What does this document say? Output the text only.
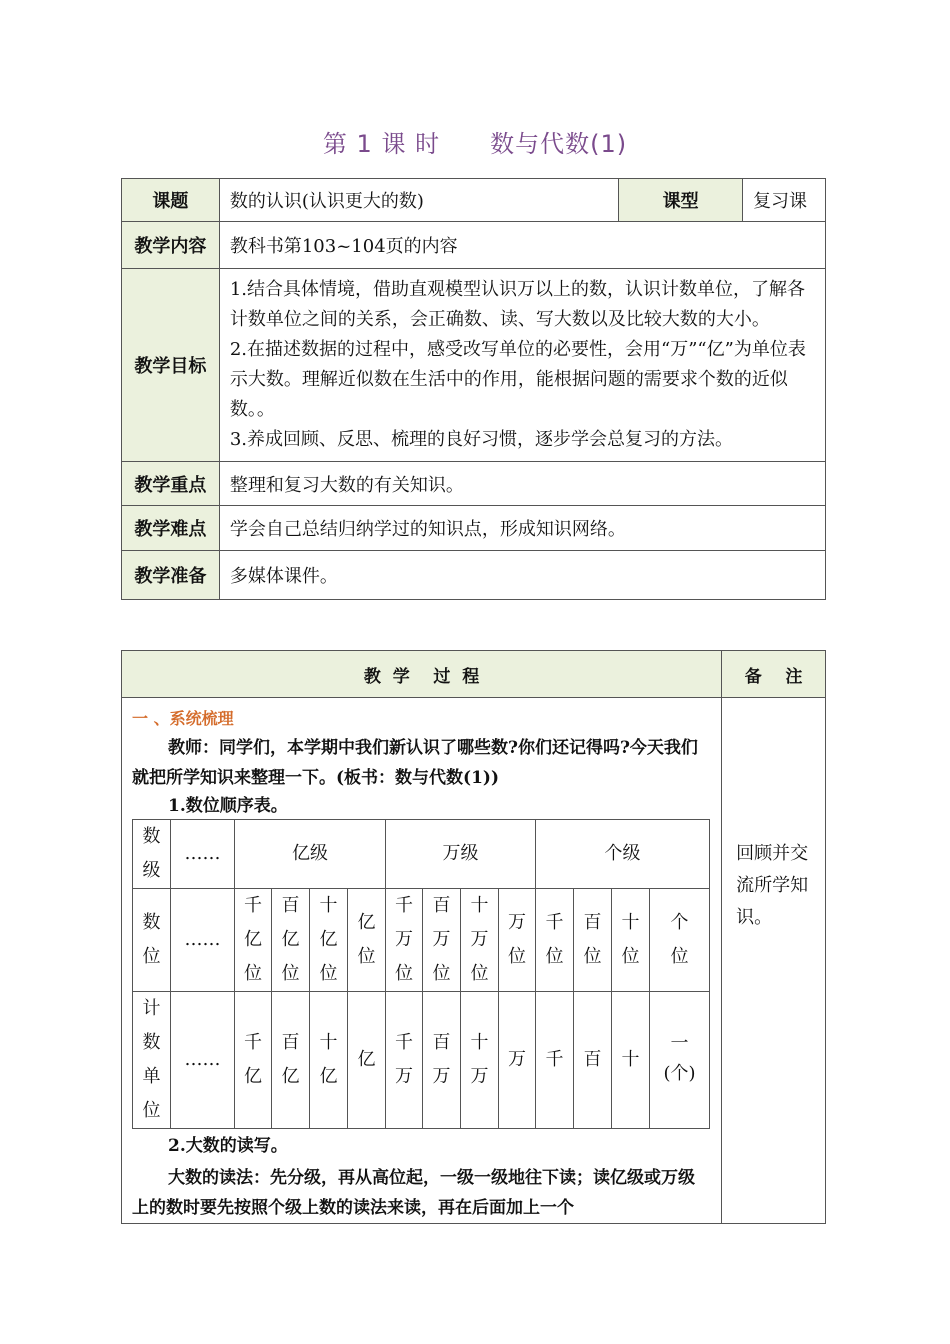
第 1 课 时 数与代数(1)
课题	数的认识(认识更大的数)	课型	复习课
教学内容	教科书第103~104页的内容		
教学目标	1.结合具体情境，借助直观模型认识万以上的数，认识计数单位，了解各计数单位之间的关系，会正确数、读、写大数以及比较大数的大小。

2.在描述数据的过程中，感受改写单位的必要性，会用“万”“亿”为单位表示大数。理解近似数在生活中的作用，能根据问题的需要求个数的近似数。。

3.养成回顾、反思、梳理的良好习惯，逐步学会总复习的方法。		

教学重点	整理和复习大数的有关知识。		
教学难点	学会自己总结归纳学过的知识点，形成知识网络。		
教学准备	多媒体课件。		
教  学    过  程	备    注

一 、系统梳理

教师：同学们，本学期中我们新认识了哪些数?你们还记得吗?今天我们就把所学知识来整理一下。(板书：数与代数(1))

1.数位顺序表。

数级	……	亿级	万级	个级
数位	……	千亿位	百亿位	十亿位	亿位	千万位	百万位	十万位	万位	千位	百位	十位	个位
计数单位	……	千亿	百亿	十亿	亿	千万	百万	十万	万	千	百	十	一(个)

2.大数的读写。

大数的读法：先分级，再从高位起，一级一级地往下读；读亿级或万级上的数时要先按照个级上数的读法来读，再在后面加上一个

	回顾并交流所学知识。
